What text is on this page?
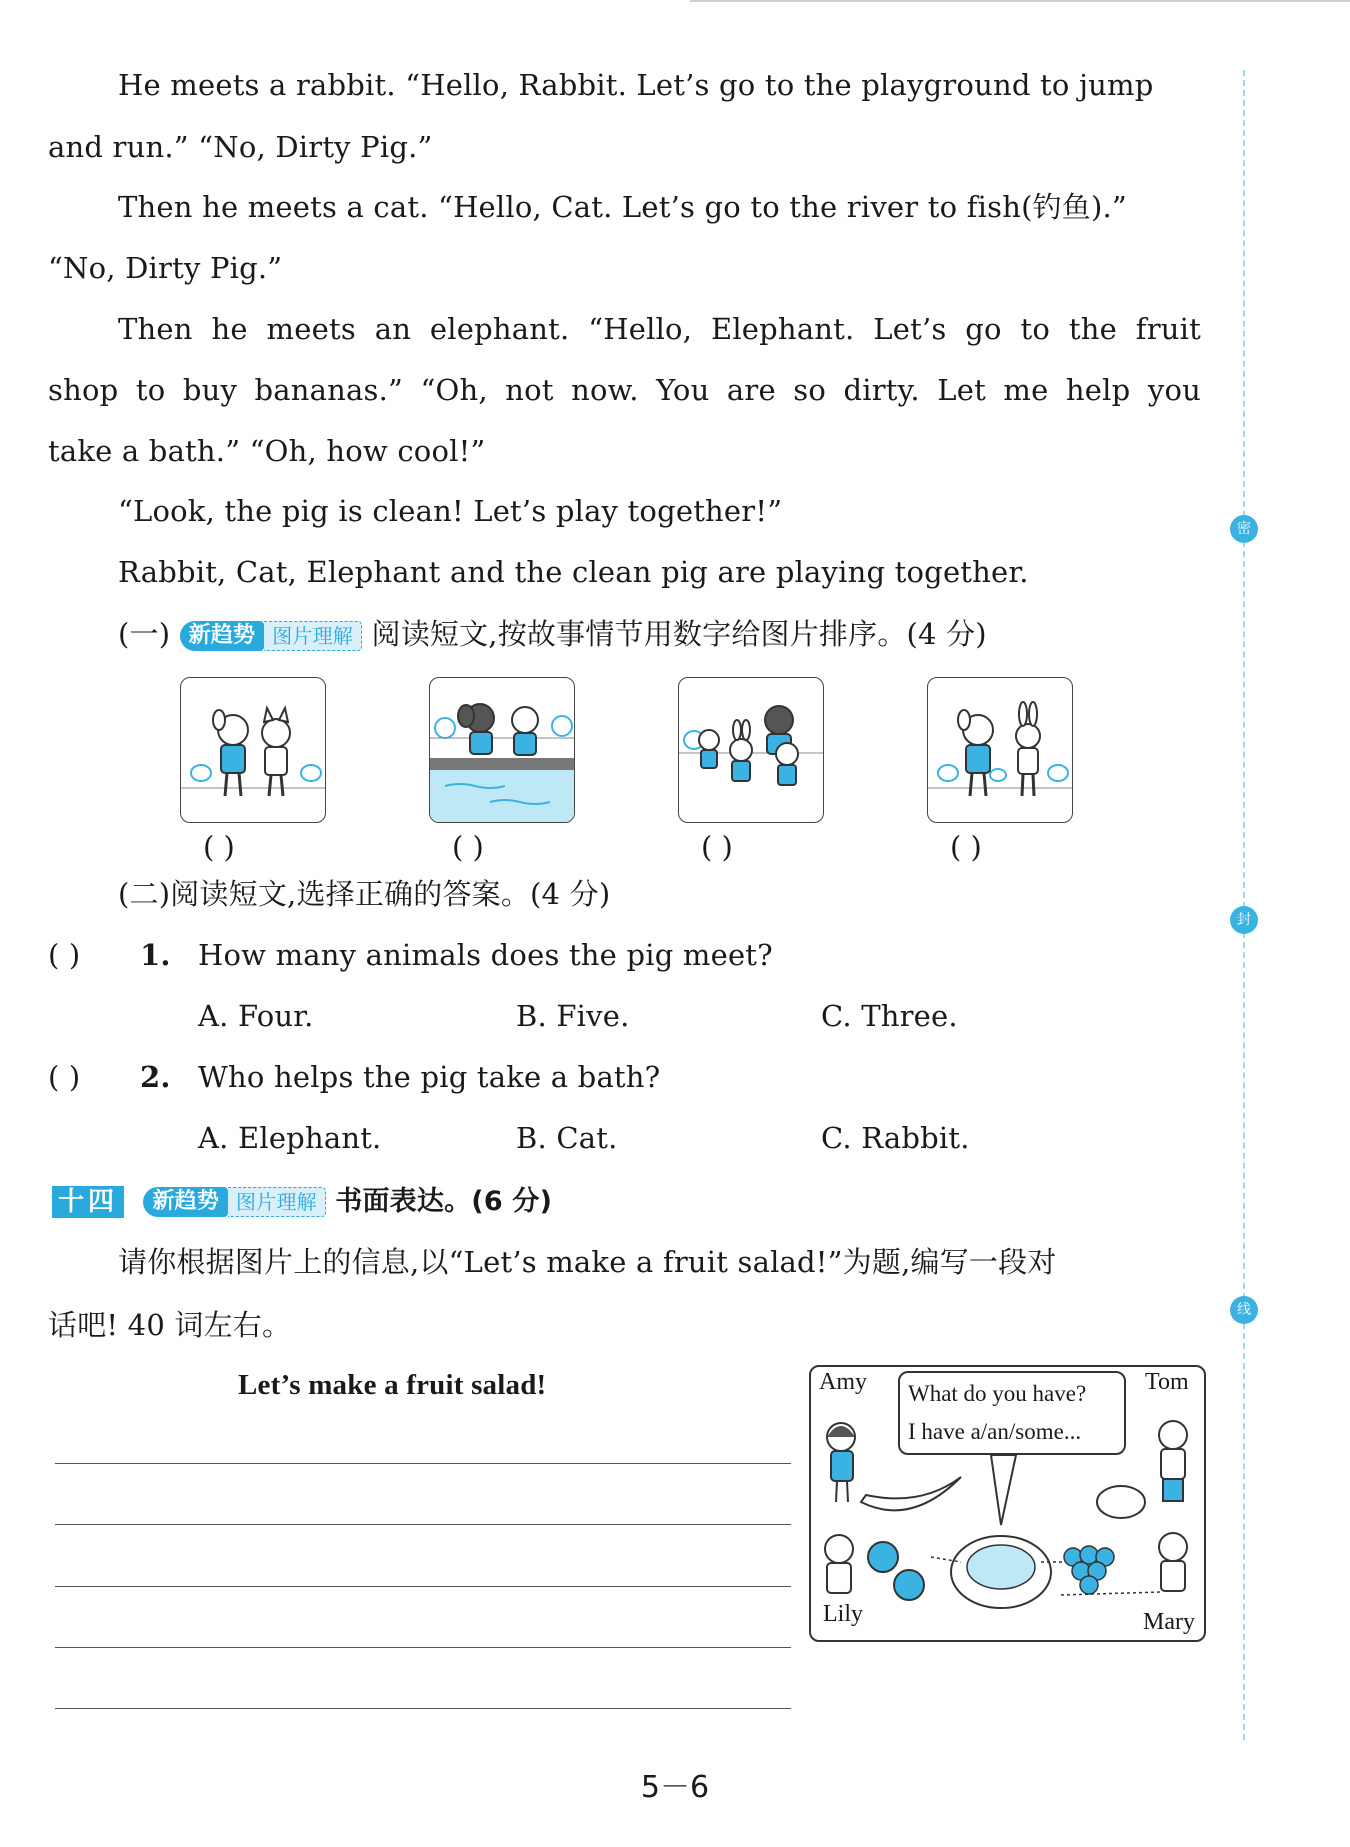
He meets a rabbit. “Hello, Rabbit. Let’s go to the playground to jump
and run.” “No, Dirty Pig.”
Then he meets a cat. “Hello, Cat. Let’s go to the river to fish(钓鱼).”
“No, Dirty Pig.”
Then he meets an elephant. “Hello, Elephant. Let’s go to the fruit
shop to buy bananas.” “Oh, not now. You are so dirty. Let me help you
take a bath.” “Oh, how cool!”
“Look, the pig is clean! Let’s play together!”
Rabbit, Cat, Elephant and the clean pig are playing together.
(一) 新趋势 图片理解 阅读短文,按故事情节用数字给图片排序。(4 分)
( )	( )	( )	( )
(二)阅读短文,选择正确的答案。(4 分)
( ) 1. How many animals does the pig meet?
A. Four.	B. Five.	C. Three.
( ) 2. Who helps the pig take a bath?
A. Elephant.	B. Cat.	C. Rabbit.
十四 新趋势 图片理解 书面表达。(6 分)
请你根据图片上的信息,以“Let’s make a fruit salad!”为题,编写一段对
话吧! 40 词左右。
Let’s make a fruit salad!	What do you have?
I have a/an/some...
Amy	Tom
Lily	Mary
密
封
线
5－6
